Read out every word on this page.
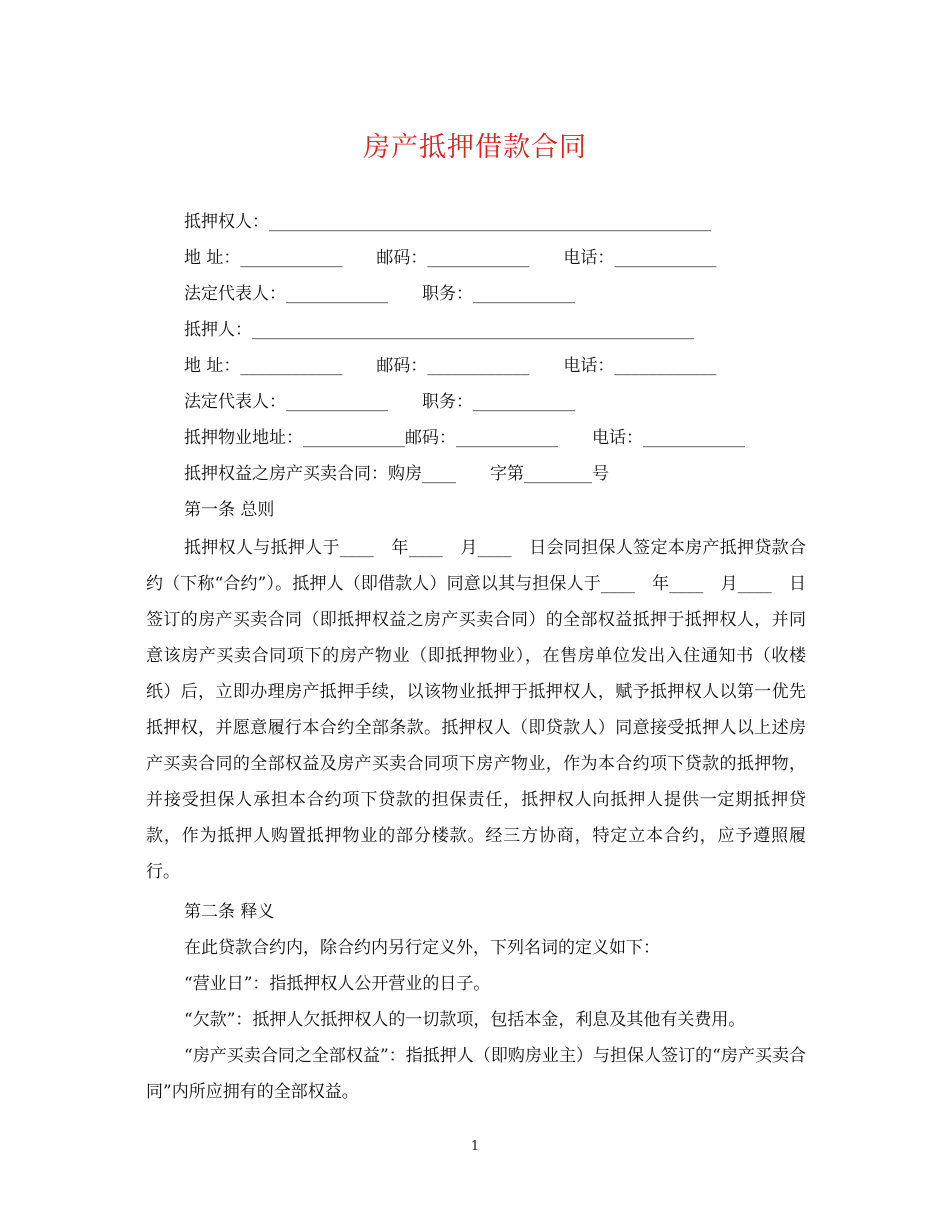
房产抵押借款合同
抵押权人：____________________________________________________
地 址：____________　　邮码：____________　　电话：____________
法定代表人：____________　　职务：____________
抵押人：____________________________________________________
地 址：____________　　邮码：____________　　电话：____________
法定代表人：____________　　职务：____________
抵押物业地址：____________邮码：____________　　电话：____________
抵押权益之房产买卖合同：购房____　　字第________号
第一条 总则

抵押权人与抵押人于____　年____　月____　日会同担保人签定本房产抵押贷款合约（下称“合约”）。抵押人（即借款人）同意以其与担保人于____　年____　月____　日签订的房产买卖合同（即抵押权益之房产买卖合同）的全部权益抵押于抵押权人，并同意该房产买卖合同项下的房产物业（即抵押物业），在售房单位发出入住通知书（收楼纸）后，立即办理房产抵押手续，以该物业抵押于抵押权人，赋予抵押权人以第一优先抵押权，并愿意履行本合约全部条款。抵押权人（即贷款人）同意接受抵押人以上述房产买卖合同的全部权益及房产买卖合同项下房产物业，作为本合约项下贷款的抵押物，并接受担保人承担本合约项下贷款的担保责任，抵押权人向抵押人提供一定期抵押贷款，作为抵押人购置抵押物业的部分楼款。经三方协商，特定立本合约，应予遵照履行。

第二条 释义
在此贷款合约内，除合约内另行定义外，下列名词的定义如下：
“营业日”：指抵押权人公开营业的日子。
“欠款”：抵押人欠抵押权人的一切款项，包括本金，利息及其他有关费用。

“房产买卖合同之全部权益”：指抵押人（即购房业主）与担保人签订的“房产买卖合同”内所应拥有的全部权益。

1
